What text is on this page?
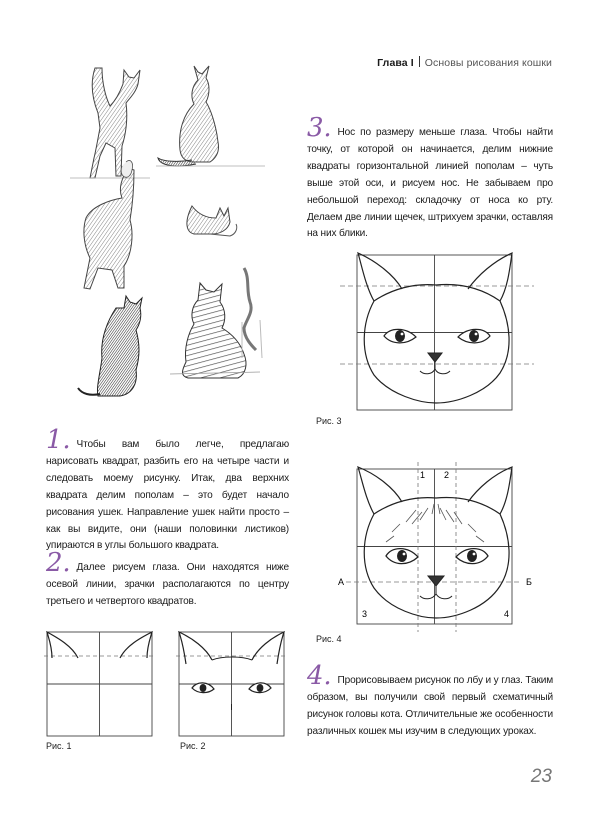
Глава I Основы рисования кошки
3. Нос по размеру меньше глаза. Чтобы найти точку, от которой он начинается, делим нижние квадраты горизонтальной линией пополам – чуть выше этой оси, и рисуем нос. Не забываем про небольшой переход: складочку от носа ко рту. Делаем две линии щечек, штрихуем зрачки, оставляя на них блики.
Рис. 3
1. Чтобы вам было легче, предлагаю нарисовать квадрат, разбить его на четыре части и следовать моему рисунку. Итак, два верхних квадрата делим пополам – это будет начало рисования ушек. Направление ушек найти просто – как вы видите, они (наши половинки листиков) упираются в углы большого квадрата.
1 2
3	4
А	Б
2. Далее рисуем глаза. Они находятся ниже осевой линии, зрачки располагаются по центру третьего и четвертого квадратов.
Рис. 4
Рис. 1	Рис. 2
4. Прорисовываем рисунок по лбу и у глаз. Таким образом, вы получили свой первый схематичный рисунок головы кота. Отличительные же особенности различных кошек мы изучим в следующих уроках.
23
